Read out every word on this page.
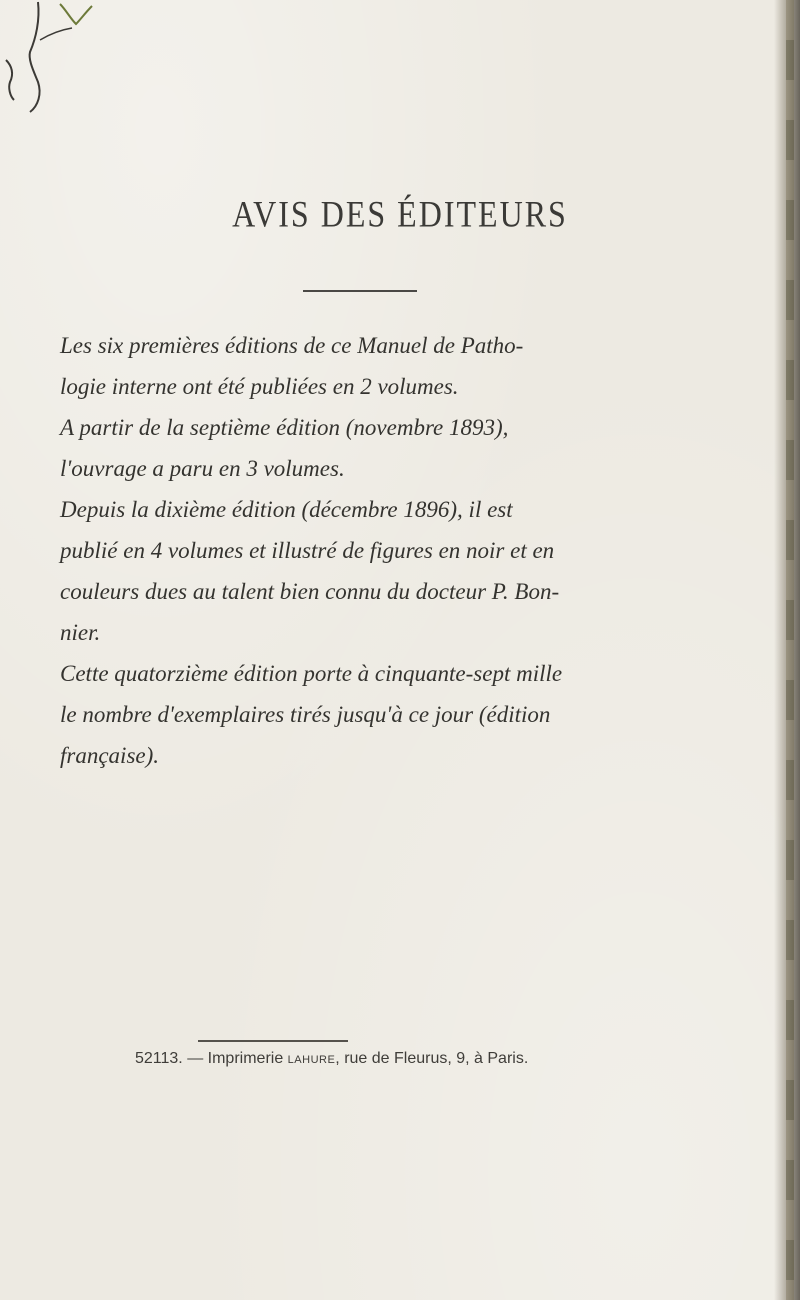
AVIS DES ÉDITEURS

Les six premières éditions de ce Manuel de Patho-
logie interne ont été publiées en 2 volumes.

A partir de la septième édition (novembre 1893),
l'ouvrage a paru en 3 volumes.

Depuis la dixième édition (décembre 1896), il est
publié en 4 volumes et illustré de figures en noir et en
couleurs dues au talent bien connu du docteur P. Bon-
nier.

Cette quatorzième édition porte à cinquante-sept mille
le nombre d'exemplaires tirés jusqu'à ce jour (édition
française).

52113. — Imprimerie LAHURE, rue de Fleurus, 9, à Paris.
